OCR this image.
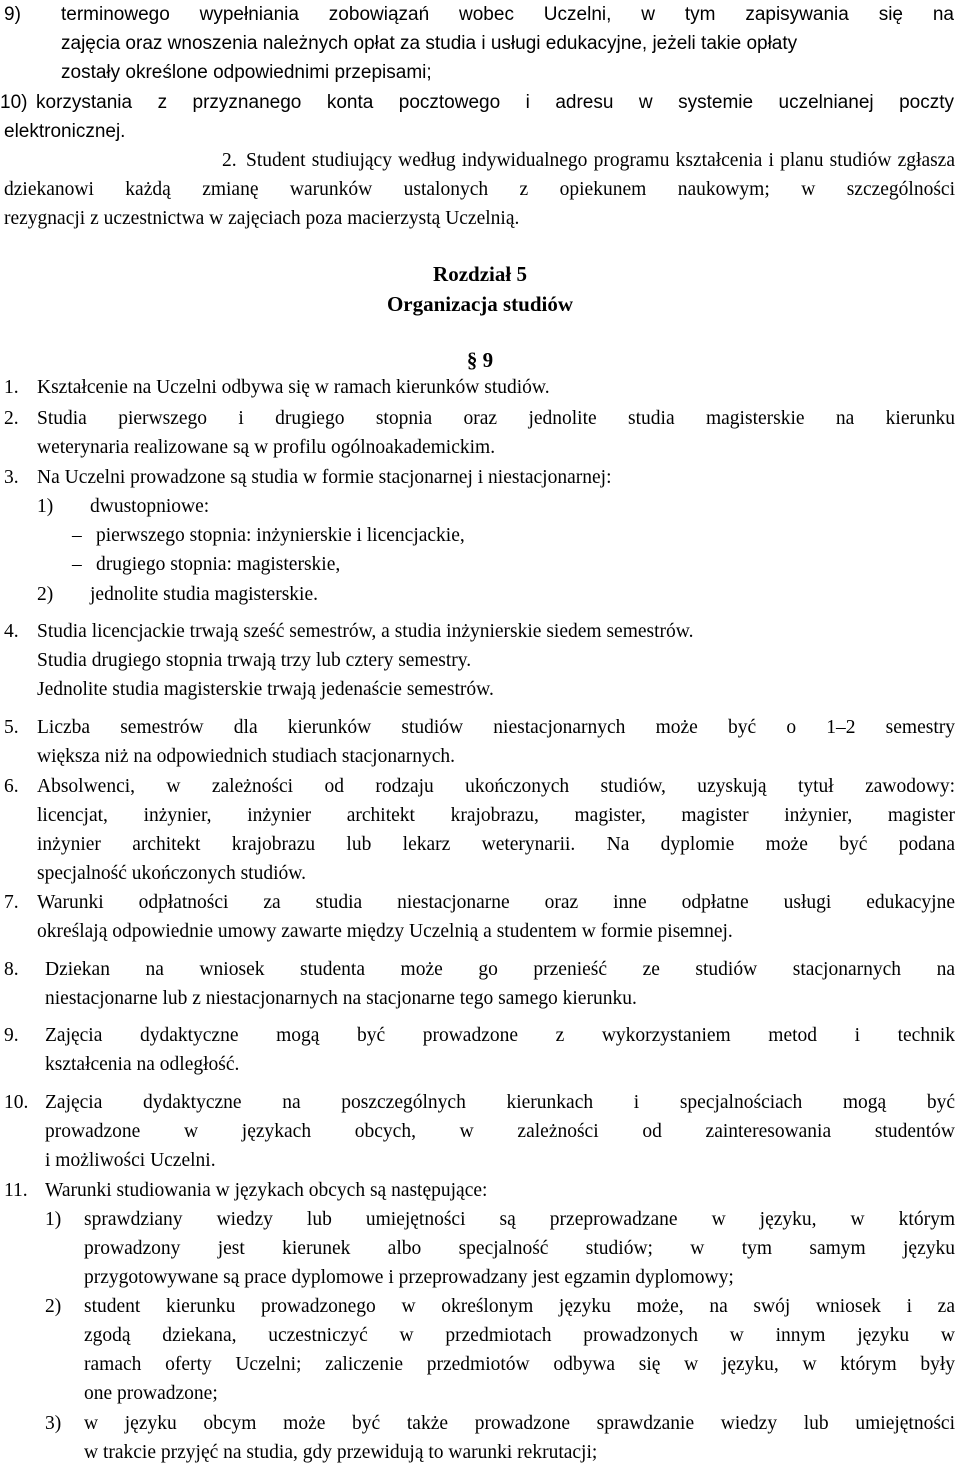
9) terminowego wypełniania zobowiązań wobec Uczelni, w tym zapisywania się na
zajęcia oraz wnoszenia należnych opłat za studia i usługi edukacyjne, jeżeli takie opłaty
zostały określone odpowiednimi przepisami;
10) korzystania z przyznanego konta pocztowego i adresu w systemie uczelnianej poczty
elektronicznej.
2. Student studiujący według indywidualnego programu kształcenia i planu studiów zgłasza
dziekanowi każdą zmianę warunków ustalonych z opiekunem naukowym; w szczególności
rezygnacji z uczestnictwa w zajęciach poza macierzystą Uczelnią.
Rozdział 5
Organizacja studiów
§ 9
1. Kształcenie na Uczelni odbywa się w ramach kierunków studiów.
2. Studia pierwszego i drugiego stopnia oraz jednolite studia magisterskie na kierunku
weterynaria realizowane są w profilu ogólnoakademickim.
3. Na Uczelni prowadzone są studia w formie stacjonarnej i niestacjonarnej:
1) dwustopniowe:
– pierwszego stopnia: inżynierskie i licencjackie,
– drugiego stopnia: magisterskie,
2) jednolite studia magisterskie.
4. Studia licencjackie trwają sześć semestrów, a studia inżynierskie siedem semestrów.
Studia drugiego stopnia trwają trzy lub cztery semestry.
Jednolite studia magisterskie trwają jedenaście semestrów.
5. Liczba semestrów dla kierunków studiów niestacjonarnych może być o 1–2 semestry
większa niż na odpowiednich studiach stacjonarnych.
6. Absolwenci, w zależności od rodzaju ukończonych studiów, uzyskują tytuł zawodowy:
licencjat, inżynier, inżynier architekt krajobrazu, magister, magister inżynier, magister
inżynier architekt krajobrazu lub lekarz weterynarii. Na dyplomie może być podana
specjalność ukończonych studiów.
7. Warunki odpłatności za studia niestacjonarne oraz inne odpłatne usługi edukacyjne
określają odpowiednie umowy zawarte między Uczelnią a studentem w formie pisemnej.
8. Dziekan na wniosek studenta może go przenieść ze studiów stacjonarnych na
niestacjonarne lub z niestacjonarnych na stacjonarne tego samego kierunku.
9. Zajęcia dydaktyczne mogą być prowadzone z wykorzystaniem metod i technik
kształcenia na odległość.
10. Zajęcia dydaktyczne na poszczególnych kierunkach i specjalnościach mogą być
prowadzone w językach obcych, w zależności od zainteresowania studentów
i możliwości Uczelni.
11. Warunki studiowania w językach obcych są następujące:
1) sprawdziany wiedzy lub umiejętności są przeprowadzane w języku, w którym
prowadzony jest kierunek albo specjalność studiów; w tym samym języku
przygotowywane są prace dyplomowe i przeprowadzany jest egzamin dyplomowy;
2) student kierunku prowadzonego w określonym języku może, na swój wniosek i za
zgodą dziekana, uczestniczyć w przedmiotach prowadzonych w innym języku w
ramach oferty Uczelni; zaliczenie przedmiotów odbywa się w języku, w którym były
one prowadzone;
3) w języku obcym może być także prowadzone sprawdzanie wiedzy lub umiejętności
w trakcie przyjęć na studia, gdy przewidują to warunki rekrutacji;
